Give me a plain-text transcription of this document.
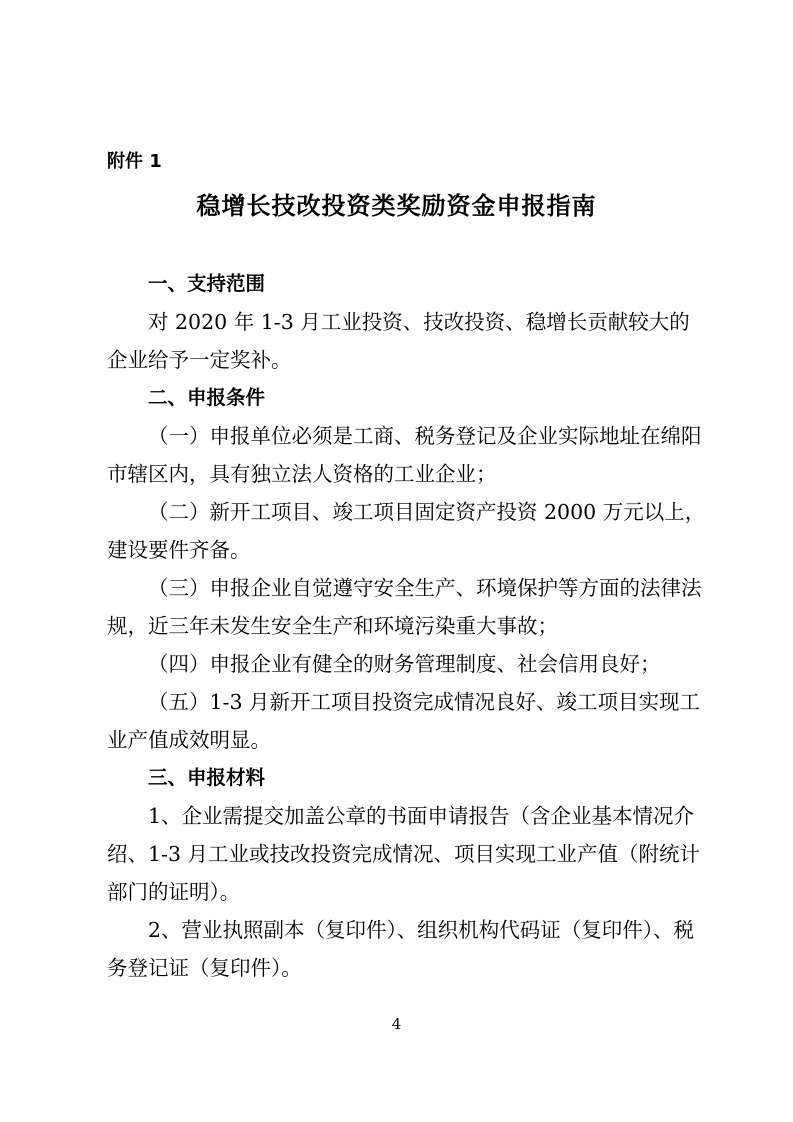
附件 1
稳增长技改投资类奖励资金申报指南

一、支持范围

对 2020 年 1-3 月工业投资、技改投资、稳增长贡献较大的企业给予一定奖补。

二、申报条件

（一）申报单位必须是工商、税务登记及企业实际地址在绵阳市辖区内，具有独立法人资格的工业企业；

（二）新开工项目、竣工项目固定资产投资 2000 万元以上，建设要件齐备。

（三）申报企业自觉遵守安全生产、环境保护等方面的法律法规，近三年未发生安全生产和环境污染重大事故；

（四）申报企业有健全的财务管理制度、社会信用良好；

（五）1-3 月新开工项目投资完成情况良好、竣工项目实现工业产值成效明显。

三、申报材料

1、企业需提交加盖公章的书面申请报告（含企业基本情况介绍、1-3 月工业或技改投资完成情况、项目实现工业产值（附统计部门的证明）。

2、营业执照副本（复印件）、组织机构代码证（复印件）、税务登记证（复印件）。

4
